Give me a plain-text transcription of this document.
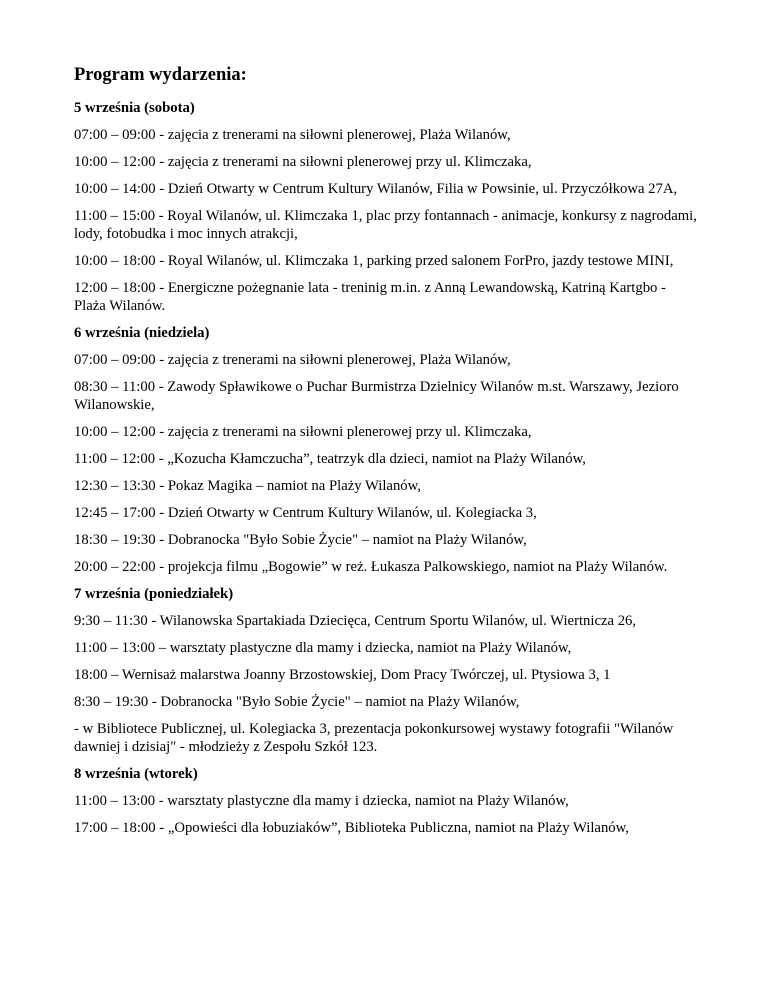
Program wydarzenia:

5 września (sobota)

07:00 – 09:00 - zajęcia z trenerami na siłowni plenerowej, Plaża Wilanów,

10:00 – 12:00 - zajęcia z trenerami na siłowni plenerowej przy ul. Klimczaka,

10:00 – 14:00 - Dzień Otwarty w Centrum Kultury Wilanów, Filia w Powsinie, ul. Przyczółkowa 27A,

11:00 – 15:00 - Royal Wilanów, ul. Klimczaka 1, plac przy fontannach - animacje, konkursy z nagrodami, lody, fotobudka i moc innych atrakcji,

10:00 – 18:00 - Royal Wilanów, ul. Klimczaka 1, parking przed salonem ForPro, jazdy testowe MINI,

12:00 – 18:00 - Energiczne pożegnanie lata - treninig m.in. z Anną Lewandowską, Katriną Kartgbo - Plaża Wilanów.

6 września (niedziela)

07:00 – 09:00 - zajęcia z trenerami na siłowni plenerowej, Plaża Wilanów,

08:30 – 11:00 - Zawody Spławikowe o Puchar Burmistrza Dzielnicy Wilanów m.st. Warszawy, Jezioro Wilanowskie,

10:00 – 12:00 - zajęcia z trenerami na siłowni plenerowej przy ul. Klimczaka,

11:00 – 12:00 - „Kozucha Kłamczucha”, teatrzyk dla dzieci, namiot na Plaży Wilanów,

12:30 – 13:30 - Pokaz Magika – namiot na Plaży Wilanów,

12:45 – 17:00 - Dzień Otwarty w Centrum Kultury Wilanów, ul. Kolegiacka 3,

18:30 – 19:30 - Dobranocka "Było Sobie Życie" – namiot na Plaży Wilanów,

20:00 – 22:00 - projekcja filmu „Bogowie” w reż. Łukasza Palkowskiego, namiot na Plaży Wilanów.

7 września (poniedziałek)

9:30 – 11:30 - Wilanowska Spartakiada Dziecięca, Centrum Sportu Wilanów, ul. Wiertnicza 26,

11:00 – 13:00 – warsztaty plastyczne dla mamy i dziecka, namiot na Plaży Wilanów,

18:00 – Wernisaż malarstwa Joanny Brzostowskiej, Dom Pracy Twórczej, ul. Ptysiowa 3, 1

8:30 – 19:30 - Dobranocka "Było Sobie Życie" – namiot na Plaży Wilanów,

- w Bibliotece Publicznej, ul. Kolegiacka 3, prezentacja pokonkursowej wystawy fotografii "Wilanów dawniej i dzisiaj" - młodzieży z Zespołu Szkół 123.

8 września (wtorek)

11:00 – 13:00 - warsztaty plastyczne dla mamy i dziecka, namiot na Plaży Wilanów,

17:00 – 18:00 - „Opowieści dla łobuziaków”, Biblioteka Publiczna, namiot na Plaży Wilanów,
